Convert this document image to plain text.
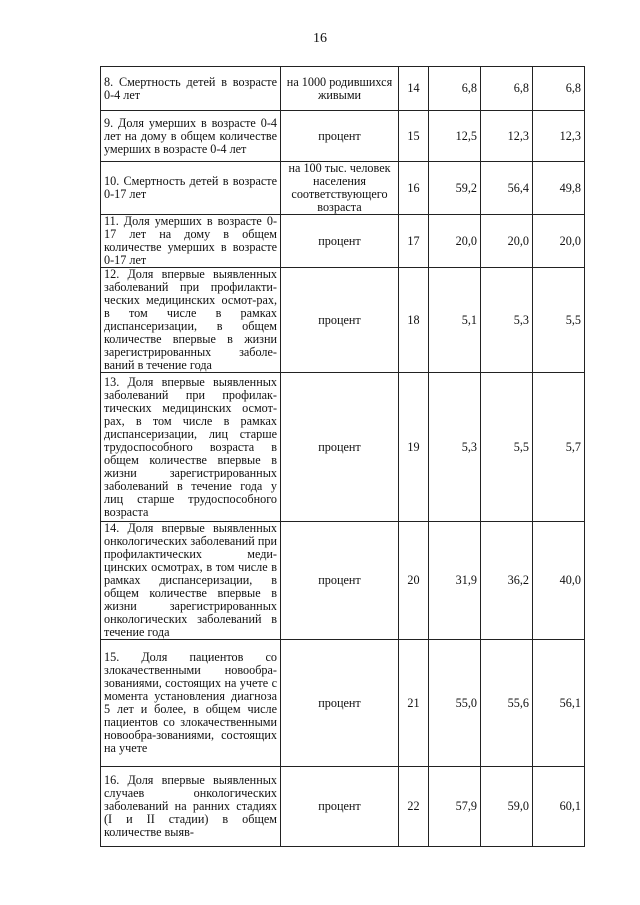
16
8. Смертность детей в возрасте 0-4 лет	на 1000 родившихся живыми	14	6,8	6,8	6,8
9. Доля умерших в возрасте 0-4 лет на дому в общем количестве умерших в возрасте 0-4 лет	процент	15	12,5	12,3	12,3
10. Смертность детей в возрасте 0-17 лет	на 100 тыс. человек населения соответствующего возраста	16	59,2	56,4	49,8
11. Доля умерших в возрасте 0-17 лет на дому в общем количестве умерших в возрасте 0-17 лет	процент	17	20,0	20,0	20,0
12. Доля впервые выявленных заболеваний при профилакти-ческих медицинских осмот-рах, в том числе в рамках диспансеризации, в общем количестве впервые в жизни зарегистрированных заболе-ваний в течение года	процент	18	5,1	5,3	5,5
13. Доля впервые выявленных заболеваний при профилак-тических медицинских осмот-рах, в том числе в рамках диспансеризации, лиц старше трудоспособного возраста в общем количестве впервые в жизни зарегистрированных заболеваний в течение года у лиц старше трудоспособного возраста	процент	19	5,3	5,5	5,7
14. Доля впервые выявленных онкологических заболеваний при профилактических меди-цинских осмотрах, в том числе в рамках диспансеризации, в общем количестве впервые в жизни зарегистрированных онкологических заболеваний в течение года	процент	20	31,9	36,2	40,0
15. Доля пациентов со злокачественными новообра-зованиями, состоящих на учете с момента установления диагноза 5 лет и более, в общем числе пациентов со злокачественными новообра-зованиями, состоящих на учете	процент	21	55,0	55,6	56,1
16. Доля впервые выявленных случаев онкологических заболеваний на ранних стадиях (I и II стадии) в общем количестве выяв-	процент	22	57,9	59,0	60,1
